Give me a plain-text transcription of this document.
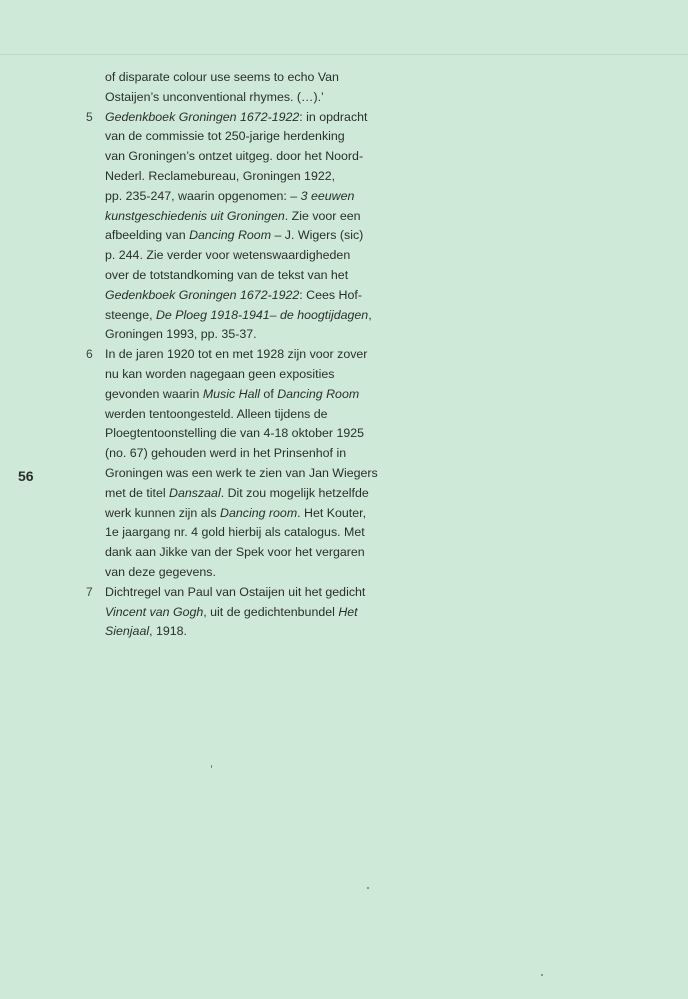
56
of disparate colour use seems to echo Van
Ostaijen’s unconventional rhymes. (…).’
5 Gedenkboek Groningen 1672-1922: in opdracht
van de commissie tot 250-jarige herdenking
van Groningen’s ontzet uitgeg. door het Noord-
Nederl. Reclamebureau, Groningen 1922,
pp. 235-247, waarin opgenomen: – 3 eeuwen
kunstgeschiedenis uit Groningen. Zie voor een
afbeelding van Dancing Room – J. Wigers (sic)
p. 244. Zie verder voor wetenswaardigheden
over de totstandkoming van de tekst van het
Gedenkboek Groningen 1672-1922: Cees Hof-
steenge, De Ploeg 1918-1941– de hoogtijdagen,
Groningen 1993, pp. 35-37.
6 In de jaren 1920 tot en met 1928 zijn voor zover
nu kan worden nagegaan geen exposities
gevonden waarin Music Hall of Dancing Room
werden tentoongesteld. Alleen tijdens de
Ploegtentoonstelling die van 4-18 oktober 1925
(no. 67) gehouden werd in het Prinsenhof in
Groningen was een werk te zien van Jan Wiegers
met de titel Danszaal. Dit zou mogelijk hetzelfde
werk kunnen zijn als Dancing room. Het Kouter,
1e jaargang nr. 4 gold hierbij als catalogus. Met
dank aan Jikke van der Spek voor het vergaren
van deze gegevens.
7 Dichtregel van Paul van Ostaijen uit het gedicht
Vincent van Gogh, uit de gedichtenbundel Het
Sienjaal, 1918.
